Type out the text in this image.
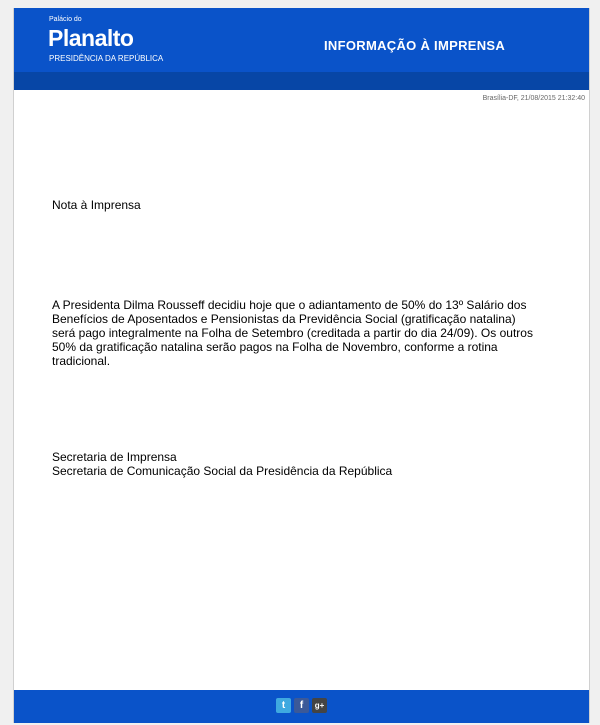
Palácio do
Planalto
PRESIDÊNCIA DA REPÚBLICA
INFORMAÇÃO À IMPRENSA
Brasília-DF, 21/08/2015 21:32:40
Nota à Imprensa
A Presidenta Dilma Rousseff decidiu hoje que o adiantamento de 50% do 13º Salário dos Benefícios de Aposentados e Pensionistas da Previdência Social (gratificação natalina) será pago integralmente na Folha de Setembro (creditada a partir do dia 24/09). Os outros 50% da gratificação natalina serão pagos na Folha de Novembro, conforme a rotina tradicional.
Secretaria de Imprensa
Secretaria de Comunicação Social da Presidência da República
t	f	g+
